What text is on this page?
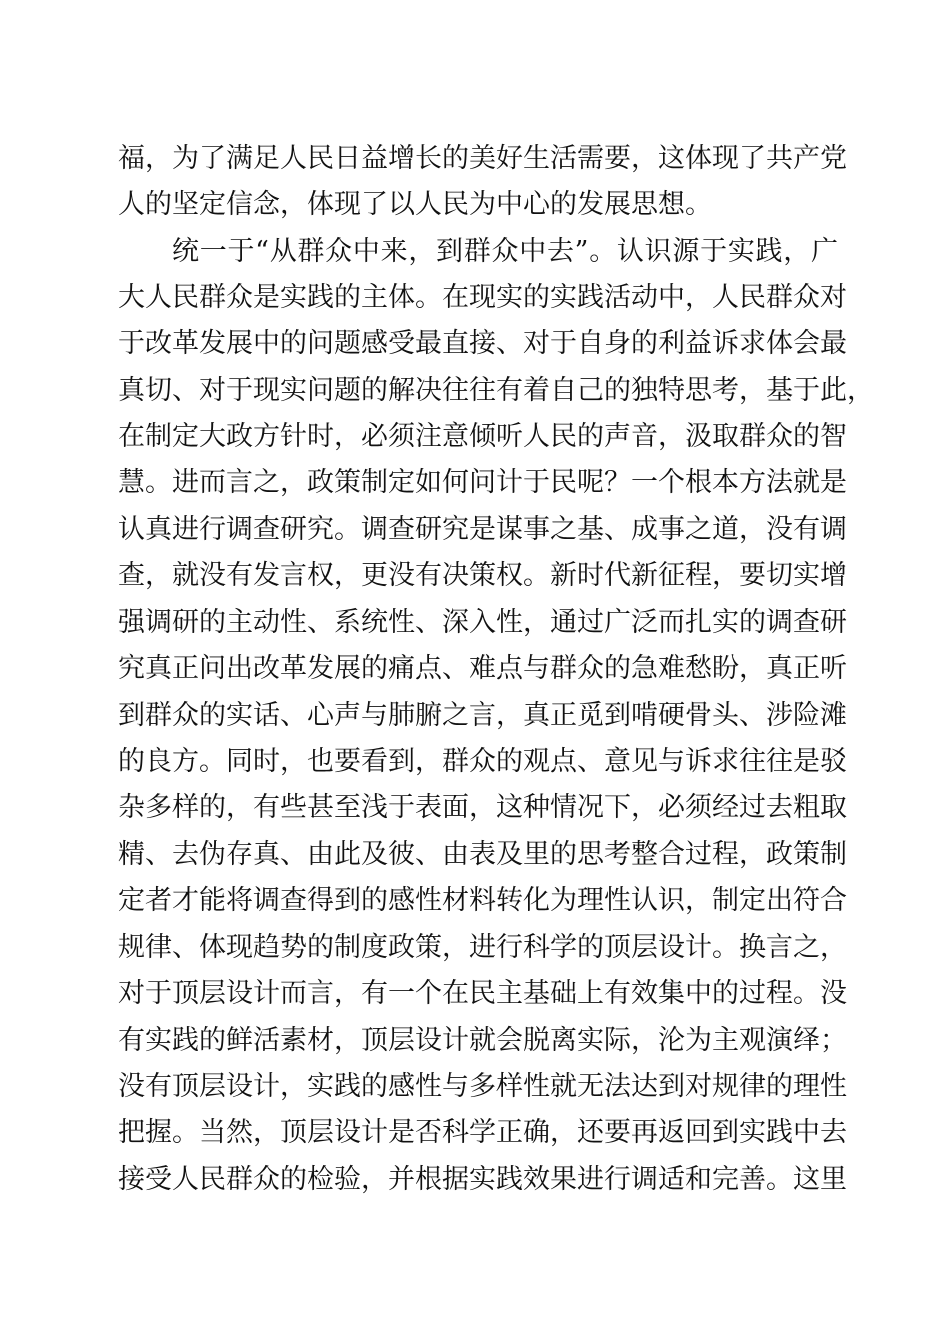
福，为了满足人民日益增长的美好生活需要，这体现了共产党

人的坚定信念，体现了以人民为中心的发展思想。

统一于“从群众中来，到群众中去”。认识源于实践，广

大人民群众是实践的主体。在现实的实践活动中，人民群众对

于改革发展中的问题感受最直接、对于自身的利益诉求体会最

真切、对于现实问题的解决往往有着自己的独特思考，基于此，

在制定大政方针时，必须注意倾听人民的声音，汲取群众的智

慧。进而言之，政策制定如何问计于民呢？一个根本方法就是

认真进行调查研究。调查研究是谋事之基、成事之道，没有调

查，就没有发言权，更没有决策权。新时代新征程，要切实增

强调研的主动性、系统性、深入性，通过广泛而扎实的调查研

究真正问出改革发展的痛点、难点与群众的急难愁盼，真正听

到群众的实话、心声与肺腑之言，真正觅到啃硬骨头、涉险滩

的良方。同时，也要看到，群众的观点、意见与诉求往往是驳

杂多样的，有些甚至浅于表面，这种情况下，必须经过去粗取

精、去伪存真、由此及彼、由表及里的思考整合过程，政策制

定者才能将调查得到的感性材料转化为理性认识，制定出符合

规律、体现趋势的制度政策，进行科学的顶层设计。换言之，

对于顶层设计而言，有一个在民主基础上有效集中的过程。没

有实践的鲜活素材，顶层设计就会脱离实际，沦为主观演绎；

没有顶层设计，实践的感性与多样性就无法达到对规律的理性

把握。当然，顶层设计是否科学正确，还要再返回到实践中去

接受人民群众的检验，并根据实践效果进行调适和完善。这里
